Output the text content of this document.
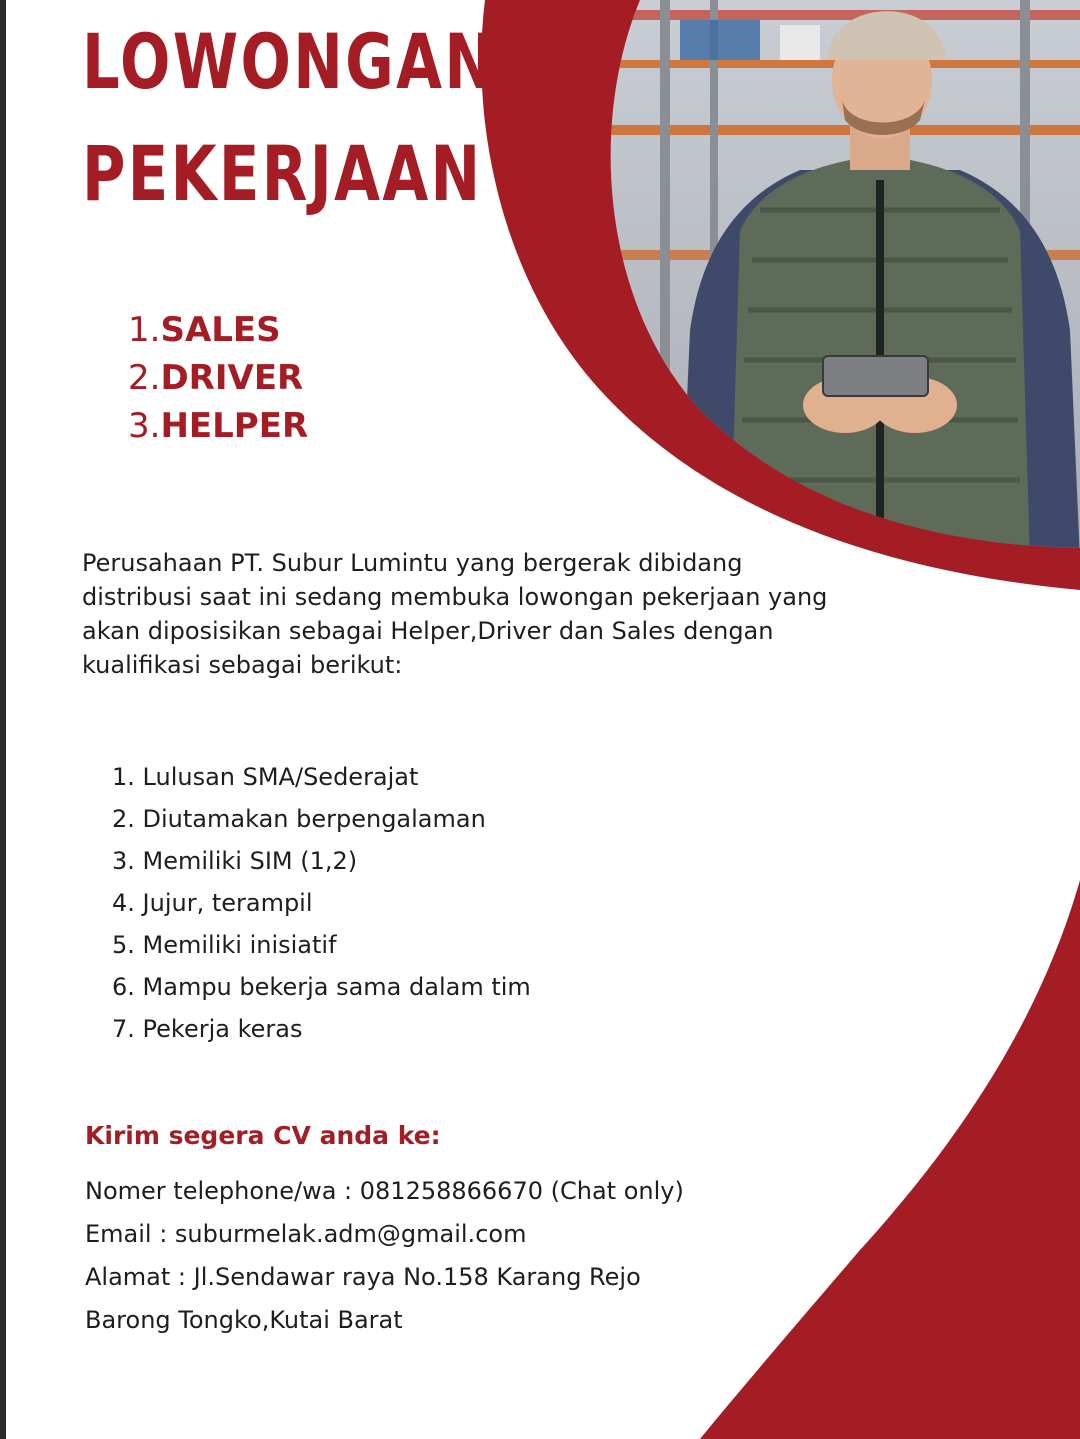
LOWONGAN
PEKERJAAN
1.SALES
2.DRIVER
3.HELPER

Perusahaan PT. Subur Lumintu yang bergerak dibidang distribusi saat ini sedang membuka lowongan pekerjaan yang akan diposisikan sebagai Helper,Driver dan Sales dengan kualifikasi sebagai berikut:

1. Lulusan SMA/Sederajat
2. Diutamakan berpengalaman
3. Memiliki SIM (1,2)
4. Jujur, terampil
5. Memiliki inisiatif
6. Mampu bekerja sama dalam tim
7. Pekerja keras
Kirim segera CV anda ke:
Nomer telephone/wa : 081258866670 (Chat only)
Email : suburmelak.adm@gmail.com
Alamat : Jl.Sendawar raya No.158 Karang Rejo
Barong Tongko,Kutai Barat
